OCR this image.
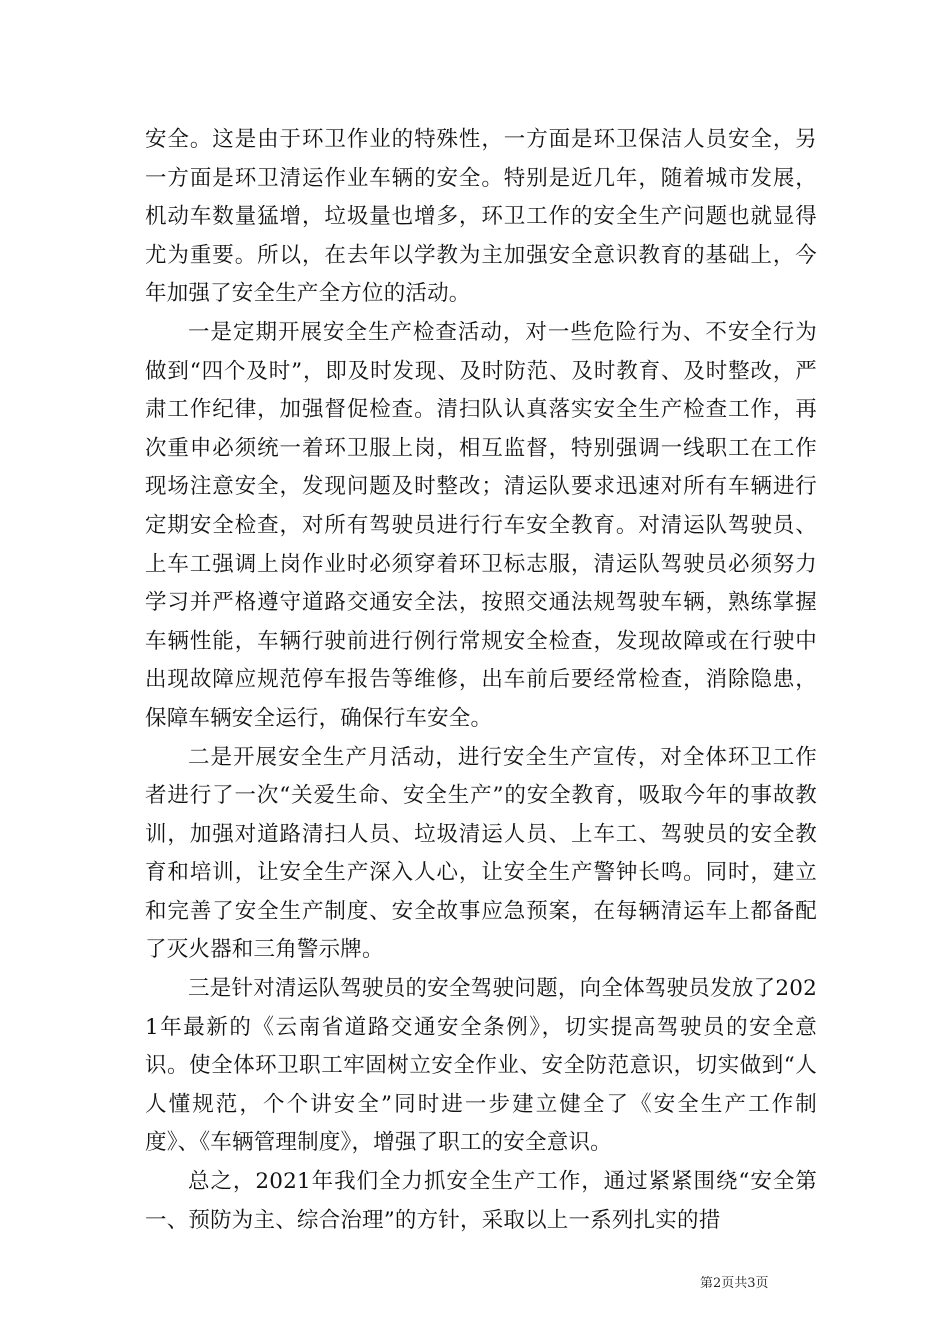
安全。这是由于环卫作业的特殊性，一方面是环卫保洁人员安全，另一方面是环卫清运作业车辆的安全。特别是近几年，随着城市发展，机动车数量猛增，垃圾量也增多，环卫工作的安全生产问题也就显得尤为重要。所以，在去年以学教为主加强安全意识教育的基础上，今年加强了安全生产全方位的活动。

一是定期开展安全生产检查活动，对一些危险行为、不安全行为做到“四个及时”，即及时发现、及时防范、及时教育、及时整改，严肃工作纪律，加强督促检查。清扫队认真落实安全生产检查工作，再次重申必须统一着环卫服上岗，相互监督，特别强调一线职工在工作现场注意安全，发现问题及时整改；清运队要求迅速对所有车辆进行定期安全检查，对所有驾驶员进行行车安全教育。对清运队驾驶员、上车工强调上岗作业时必须穿着环卫标志服，清运队驾驶员必须努力学习并严格遵守道路交通安全法，按照交通法规驾驶车辆，熟练掌握车辆性能，车辆行驶前进行例行常规安全检查，发现故障或在行驶中出现故障应规范停车报告等维修，出车前后要经常检查，消除隐患，保障车辆安全运行，确保行车安全。

二是开展安全生产月活动，进行安全生产宣传，对全体环卫工作者进行了一次“关爱生命、安全生产”的安全教育，吸取今年的事故教训，加强对道路清扫人员、垃圾清运人员、上车工、驾驶员的安全教育和培训，让安全生产深入人心，让安全生产警钟长鸣。同时，建立和完善了安全生产制度、安全故事应急预案，在每辆清运车上都备配了灭火器和三角警示牌。

三是针对清运队驾驶员的安全驾驶问题，向全体驾驶员发放了2021年最新的《云南省道路交通安全条例》，切实提高驾驶员的安全意识。使全体环卫职工牢固树立安全作业、安全防范意识，切实做到“人人懂规范，个个讲安全”同时进一步建立健全了《安全生产工作制度》、《车辆管理制度》，增强了职工的安全意识。

总之，2021年我们全力抓安全生产工作，通过紧紧围绕“安全第一、预防为主、综合治理”的方针，采取以上一系列扎实的措

第2页共3页
